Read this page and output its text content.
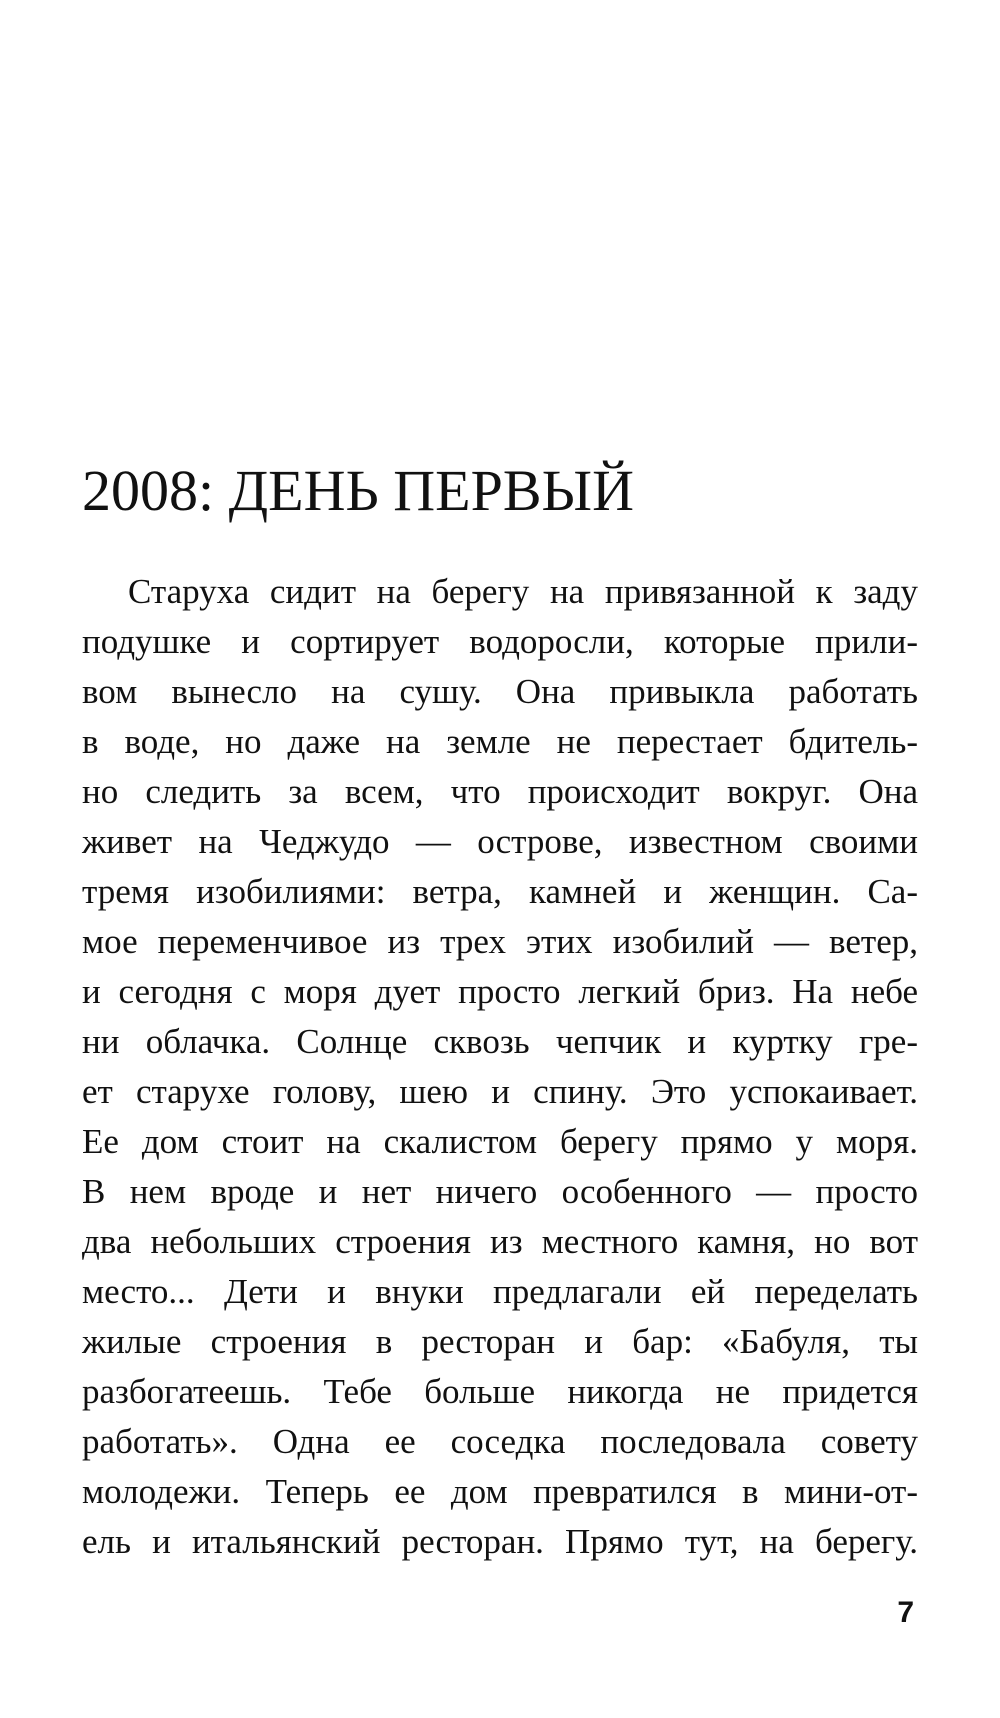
2008: ДЕНЬ ПЕРВЫЙ
Старуха сидит на берегу на привязанной к заду
подушке и сортирует водоросли, которые прили-
вом вынесло на сушу. Она привыкла работать
в воде, но даже на земле не перестает бдитель-
но следить за всем, что происходит вокруг. Она
живет на Чеджудо — острове, известном своими
тремя изобилиями: ветра, камней и женщин. Са-
мое переменчивое из трех этих изобилий — ветер,
и сегодня с моря дует просто легкий бриз. На небе
ни облачка. Солнце сквозь чепчик и куртку гре-
ет старухе голову, шею и спину. Это успокаивает.
Ее дом стоит на скалистом берегу прямо у моря.
В нем вроде и нет ничего особенного — просто
два небольших строения из местного камня, но вот
место... Дети и внуки предлагали ей переделать
жилые строения в ресторан и бар: «Бабуля, ты
разбогатеешь. Тебе больше никогда не придется
работать». Одна ее соседка последовала совету
молодежи. Теперь ее дом превратился в мини-от-
ель и итальянский ресторан. Прямо тут, на берегу.
7
